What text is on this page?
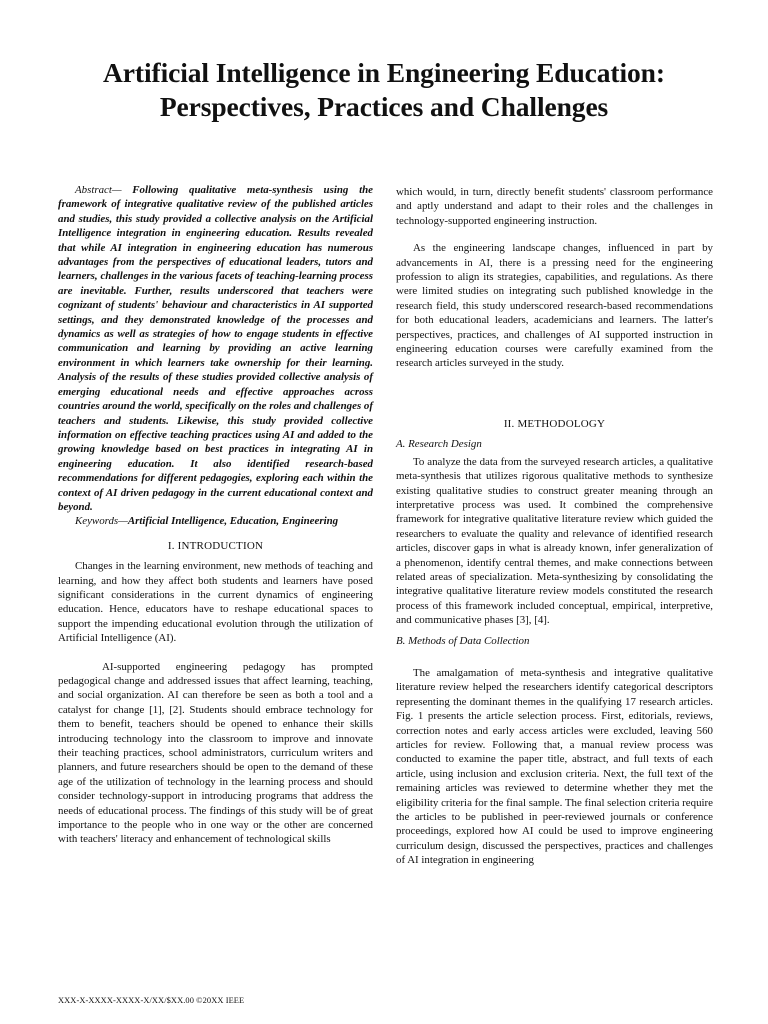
Artificial Intelligence in Engineering Education:
Perspectives, Practices and Challenges

Abstract— Following qualitative meta-synthesis using the framework of integrative qualitative review of the published articles and studies, this study provided a collective analysis on the Artificial Intelligence integration in engineering education. Results revealed that while AI integration in engineering education has numerous advantages from the perspectives of educational leaders, tutors and learners, challenges in the various facets of teaching-learning process are inevitable. Further, results underscored that teachers were cognizant of students' behaviour and characteristics in AI supported settings, and they demonstrated knowledge of the processes and dynamics as well as strategies of how to engage students in effective communication and learning by providing an active learning environment in which learners take ownership for their learning. Analysis of the results of these studies provided collective analysis of emerging educational needs and effective approaches across countries around the world, specifically on the roles and challenges of teachers and students. Likewise, this study provided collective information on effective teaching practices using AI and added to the growing knowledge based on best practices in integrating AI in engineering education. It also identified research-based recommendations for different pedagogies, exploring each within the context of AI driven pedagogy in the current educational context and beyond.

Keywords—Artificial Intelligence, Education, Engineering

I. INTRODUCTION

Changes in the learning environment, new methods of teaching and learning, and how they affect both students and learners have posed significant considerations in the current dynamics of engineering education. Hence, educators have to reshape educational spaces to support the impending educational evolution through the utilization of Artificial Intelligence (AI).

AI-supported engineering pedagogy has prompted pedagogical change and addressed issues that affect learning, teaching, and social organization. AI can therefore be seen as both a tool and a catalyst for change [1], [2]. Students should embrace technology for them to benefit, teachers should be opened to enhance their skills introducing technology into the classroom to improve and innovate their teaching practices, school administrators, curriculum writers and planners, and future researchers should be open to the demand of these age of the utilization of technology in the learning process and should consider technology-support in introducing programs that address the needs of educational process. The findings of this study will be of great importance to the people who in one way or the other are concerned with teachers' literacy and enhancement of technological skills

which would, in turn, directly benefit students' classroom performance and aptly understand and adapt to their roles and the challenges in technology-supported engineering instruction.

As the engineering landscape changes, influenced in part by advancements in AI, there is a pressing need for the engineering profession to align its strategies, capabilities, and regulations. As there were limited studies on integrating such published knowledge in the research field, this study underscored research-based recommendations for both educational leaders, academicians and learners. The latter's perspectives, practices, and challenges of AI supported instruction in engineering education courses were carefully examined from the research articles surveyed in the study.

II. METHODOLOGY
A. Research Design

To analyze the data from the surveyed research articles, a qualitative meta-synthesis that utilizes rigorous qualitative methods to synthesize existing qualitative studies to construct greater meaning through an interpretative process was used. It combined the comprehensive framework for integrative qualitative literature review which guided the researchers to evaluate the quality and relevance of identified research articles, discover gaps in what is already known, infer generalization of a phenomenon, identify central themes, and make connections between related areas of specialization. Meta-synthesizing by consolidating the integrative qualitative literature review models constituted the research process of this framework included conceptual, empirical, interpretive, and communicative phases [3], [4].

B. Methods of Data Collection

The amalgamation of meta-synthesis and integrative qualitative literature review helped the researchers identify categorical descriptors representing the dominant themes in the qualifying 17 research articles. Fig. 1 presents the article selection process. First, editorials, reviews, correction notes and early access articles were excluded, leaving 560 articles for review. Following that, a manual review process was conducted to examine the paper title, abstract, and full texts of each article, using inclusion and exclusion criteria. Next, the full text of the remaining articles was reviewed to determine whether they met the eligibility criteria for the final sample. The final selection criteria require the articles to be published in peer-reviewed journals or conference proceedings, explored how AI could be used to improve engineering curriculum design, discussed the perspectives, practices and challenges of AI integration in engineering

XXX-X-XXXX-XXXX-X/XX/$XX.00 ©20XX IEEE
